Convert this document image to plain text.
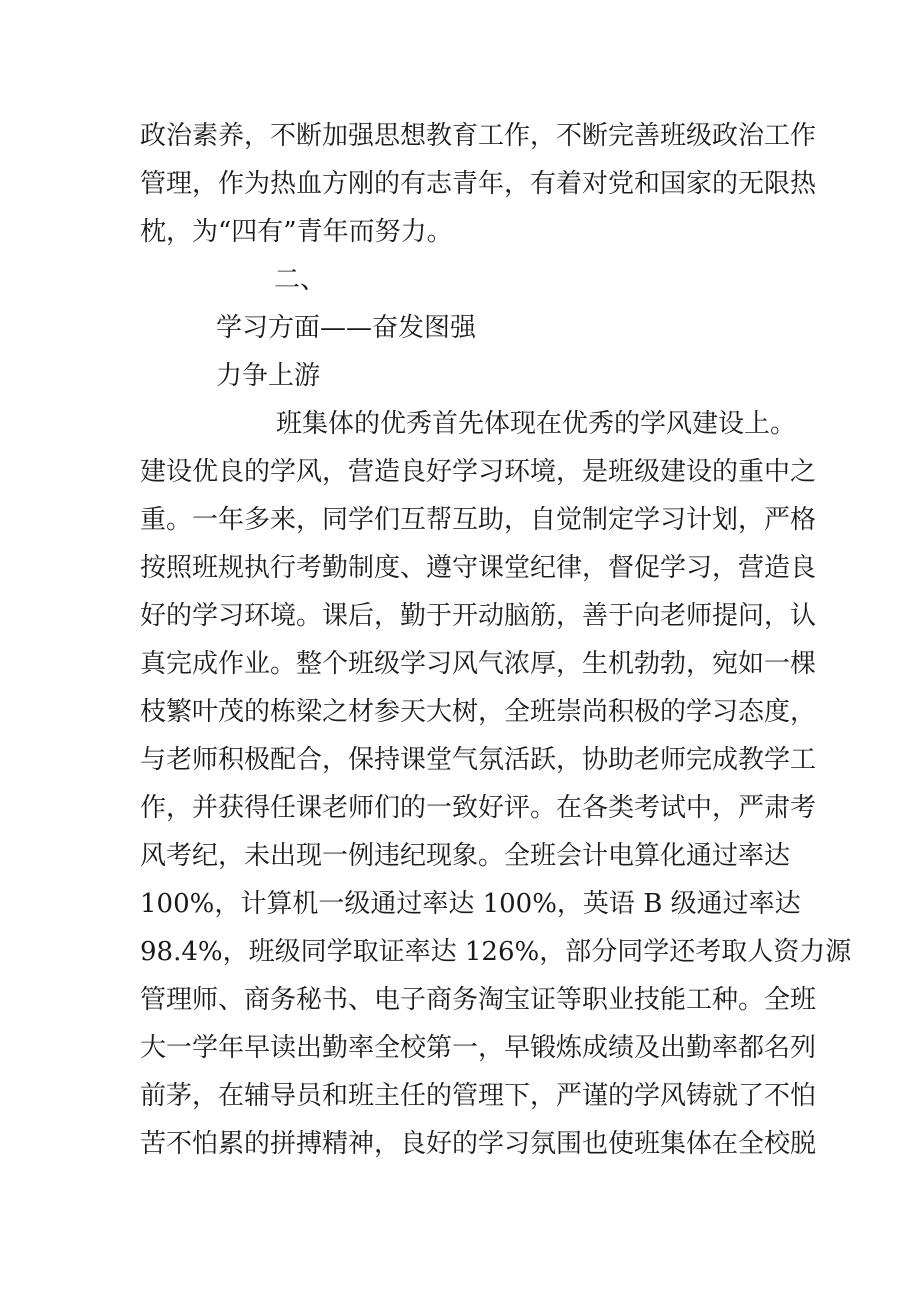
政治素养，不断加强思想教育工作，不断完善班级政治工作
管理，作为热血方刚的有志青年，有着对党和国家的无限热
枕，为“四有”青年而努力。
二、
学习方面——奋发图强
力争上游
班集体的优秀首先体现在优秀的学风建设上。
建设优良的学风，营造良好学习环境，是班级建设的重中之
重。一年多来，同学们互帮互助，自觉制定学习计划，严格
按照班规执行考勤制度、遵守课堂纪律，督促学习，营造良
好的学习环境。课后，勤于开动脑筋，善于向老师提问，认
真完成作业。整个班级学习风气浓厚，生机勃勃，宛如一棵
枝繁叶茂的栋梁之材参天大树，全班崇尚积极的学习态度，
与老师积极配合，保持课堂气氛活跃，协助老师完成教学工
作，并获得任课老师们的一致好评。在各类考试中，严肃考
风考纪，未出现一例违纪现象。全班会计电算化通过率达
100%，计算机一级通过率达 100%，英语 B 级通过率达
98.4%，班级同学取证率达 126%，部分同学还考取人资力源
管理师、商务秘书、电子商务淘宝证等职业技能工种。全班
大一学年早读出勤率全校第一，早锻炼成绩及出勤率都名列
前茅，在辅导员和班主任的管理下，严谨的学风铸就了不怕
苦不怕累的拼搏精神，良好的学习氛围也使班集体在全校脱
